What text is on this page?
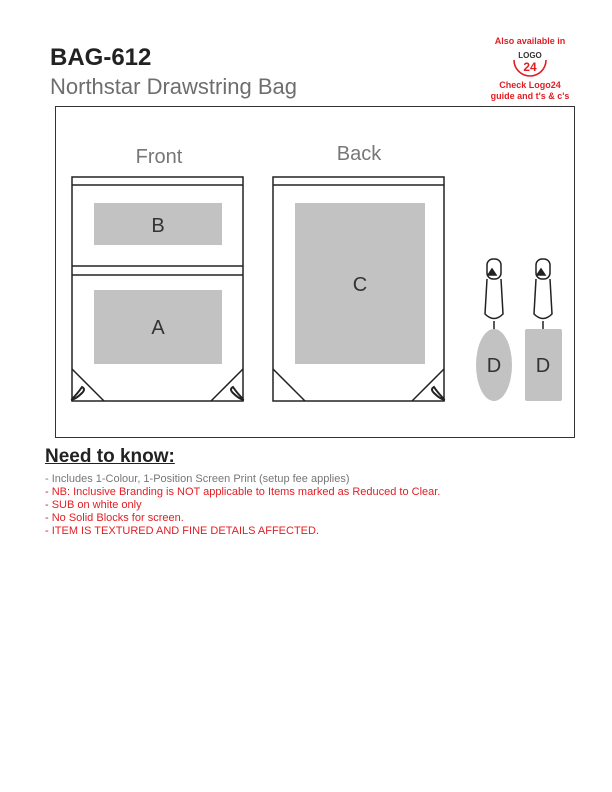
BAG-612
Northstar Drawstring Bag
Also available in
LOGO
24
Check Logo24
guide and t's & c's
Front	Back
B
A
C
D D
Need to know:
- Includes 1-Colour, 1-Position Screen Print (setup fee applies)
- NB: Inclusive Branding is NOT applicable to Items marked as Reduced to Clear.
- SUB on white only
- No Solid Blocks for screen.
- ITEM IS TEXTURED AND FINE DETAILS AFFECTED.
